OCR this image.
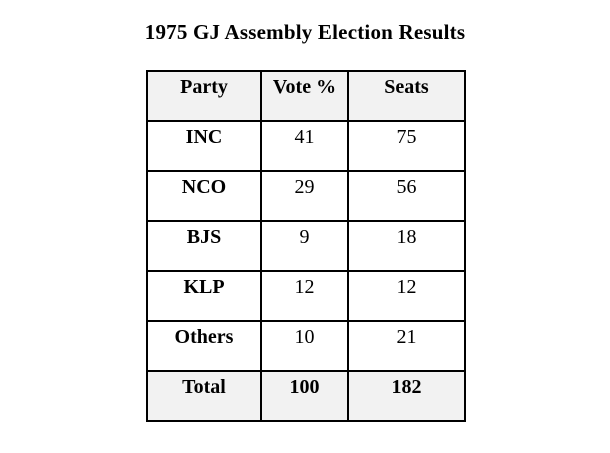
1975 GJ Assembly Election Results
Party	Vote %	Seats
INC	41	75
NCO	29	56
BJS	9	18
KLP	12	12
Others	10	21
Total	100	182
